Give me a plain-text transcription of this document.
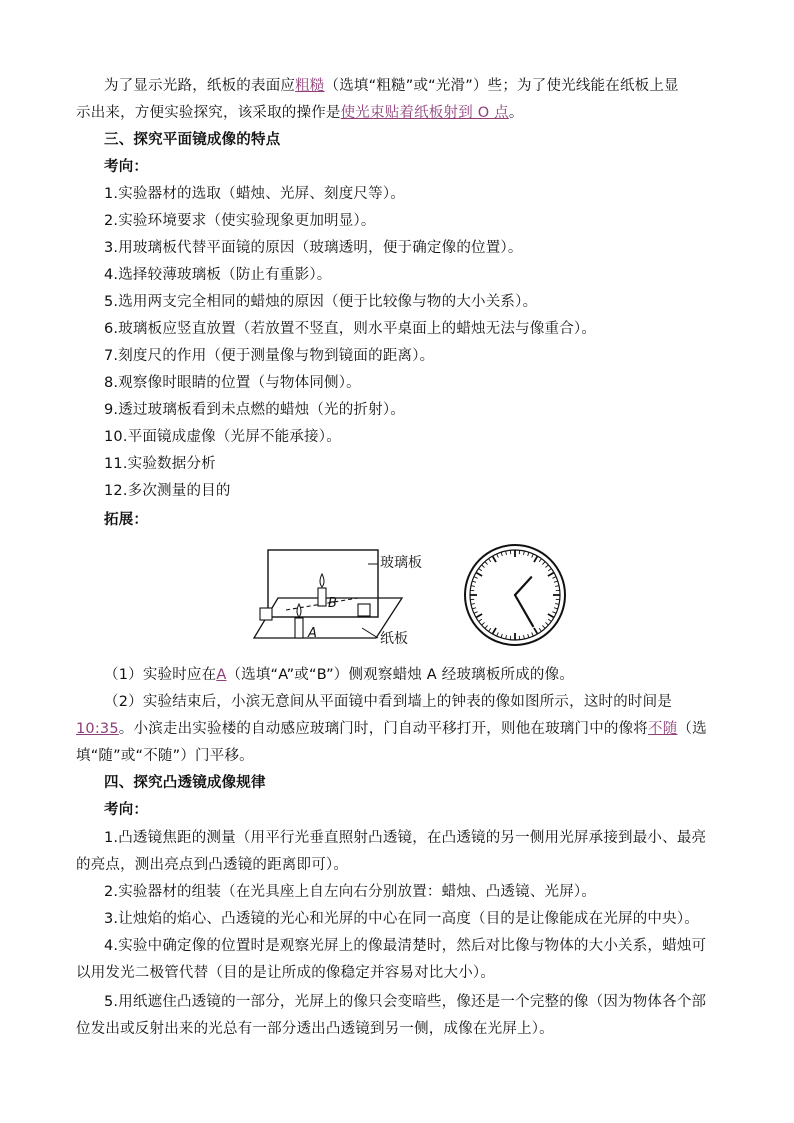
为了显示光路，纸板的表面应粗糙（选填“粗糙”或“光滑”）些；为了使光线能在纸板上显
示出来，方便实验探究，该采取的操作是使光束贴着纸板射到 O 点。
三、探究平面镜成像的特点
考向：
1.实验器材的选取（蜡烛、光屏、刻度尺等）。
2.实验环境要求（使实验现象更加明显）。
3.用玻璃板代替平面镜的原因（玻璃透明，便于确定像的位置）。
4.选择较薄玻璃板（防止有重影）。
5.选用两支完全相同的蜡烛的原因（便于比较像与物的大小关系）。
6.玻璃板应竖直放置（若放置不竖直，则水平桌面上的蜡烛无法与像重合）。
7.刻度尺的作用（便于测量像与物到镜面的距离）。
8.观察像时眼睛的位置（与物体同侧）。
9.透过玻璃板看到未点燃的蜡烛（光的折射）。
10.平面镜成虚像（光屏不能承接）。
11.实验数据分析
12.多次测量的目的
拓展：
玻璃板
纸板
B
A
（1）实验时应在A（选填“A”或“B”）侧观察蜡烛 A 经玻璃板所成的像。
（2）实验结束后，小滨无意间从平面镜中看到墙上的钟表的像如图所示，这时的时间是
10:35。小滨走出实验楼的自动感应玻璃门时，门自动平移打开，则他在玻璃门中的像将不随（选
填“随”或“不随”）门平移。
四、探究凸透镜成像规律
考向：
1.凸透镜焦距的测量（用平行光垂直照射凸透镜，在凸透镜的另一侧用光屏承接到最小、最亮
的亮点，测出亮点到凸透镜的距离即可）。
2.实验器材的组装（在光具座上自左向右分别放置：蜡烛、凸透镜、光屏）。
3.让烛焰的焰心、凸透镜的光心和光屏的中心在同一高度（目的是让像能成在光屏的中央）。
4.实验中确定像的位置时是观察光屏上的像最清楚时，然后对比像与物体的大小关系，蜡烛可
以用发光二极管代替（目的是让所成的像稳定并容易对比大小）。
5.用纸遮住凸透镜的一部分，光屏上的像只会变暗些，像还是一个完整的像（因为物体各个部
位发出或反射出来的光总有一部分透出凸透镜到另一侧，成像在光屏上）。
